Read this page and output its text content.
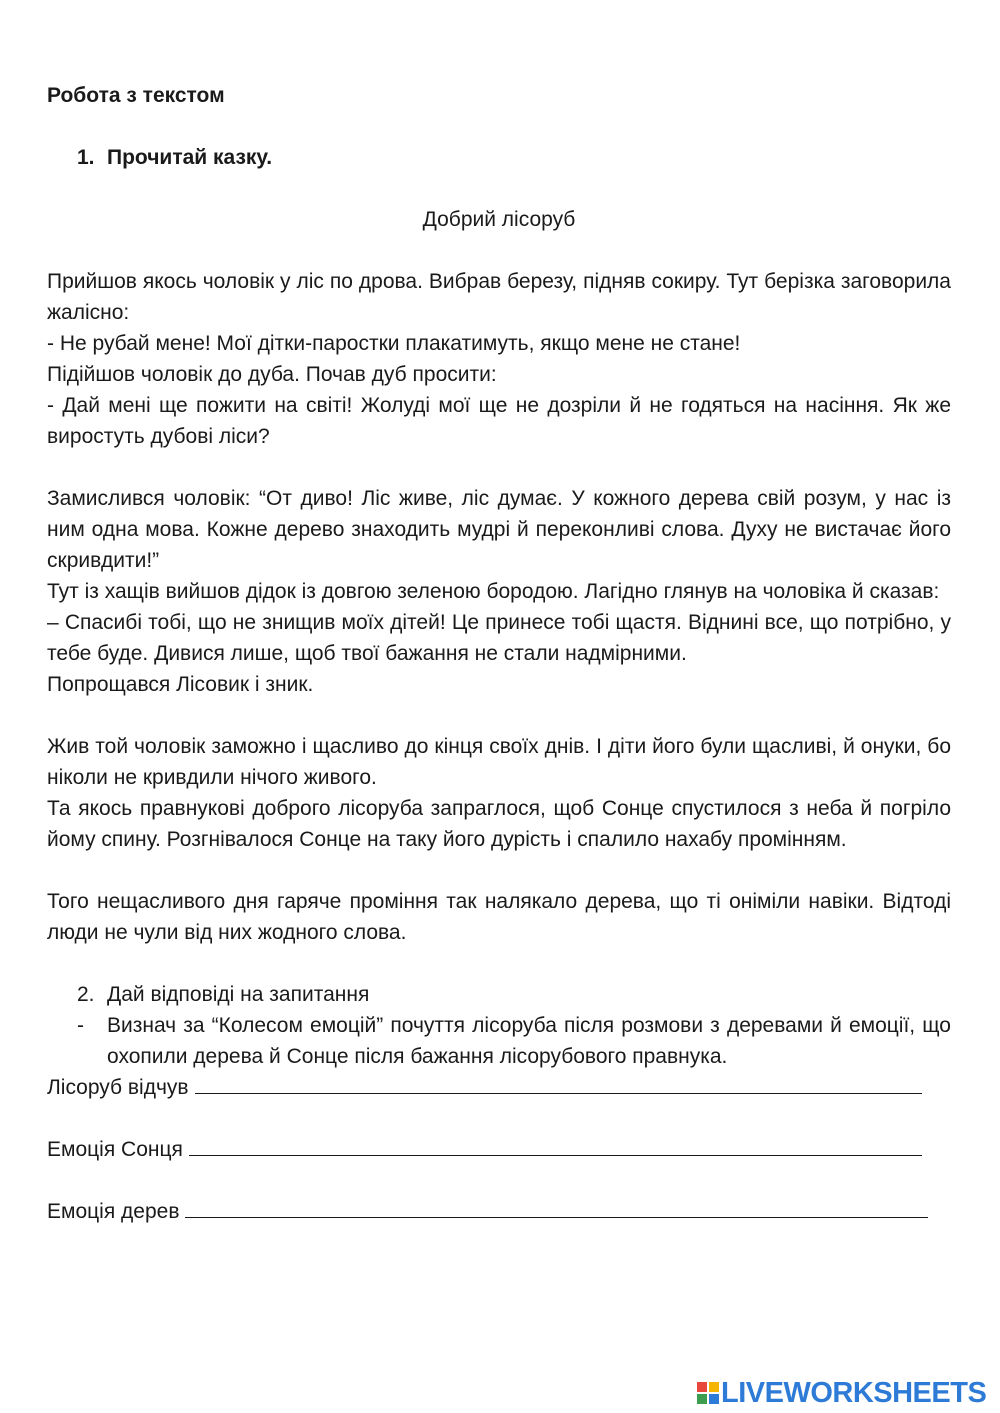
Робота з текстом

1. Прочитай казку.

Добрий лісоруб

Прийшов якось чоловік у ліс по дрова. Вибрав березу, підняв сокиру. Тут берізка заговорила жалісно:

- Не рубай мене! Мої дітки-паростки плакатимуть, якщо мене не стане!

Підійшов чоловік до дуба. Почав дуб просити:

- Дай мені ще пожити на світі! Жолуді мої ще не дозріли й не годяться на насіння. Як же виростуть дубові ліси?

Замислився чоловік: “От диво! Ліс живе, ліс думає. У кожного дерева свій розум, у нас із ним одна мова. Кожне дерево знаходить мудрі й переконливі слова. Духу не вистачає його скривдити!”

Тут із хащів вийшов дідок із довгою зеленою бородою. Лагідно глянув на чоловіка й сказав:

– Спасибі тобі, що не знищив моїх дітей! Це принесе тобі щастя. Віднині все, що потрібно, у тебе буде. Дивися лише, щоб твої бажання не стали надмірними.

Попрощався Лісовик і зник.

Жив той чоловік заможно і щасливо до кінця своїх днів. І діти його були щасливі, й онуки, бо ніколи не кривдили нічого живого.

Та якось правнукові доброго лісоруба запраглося, щоб Сонце спустилося з неба й погріло йому спину. Розгнівалося Сонце на таку його дурість і спалило нахабу промінням.

Того нещасливого дня гаряче проміння так налякало дерева, що ті оніміли навіки. Відтоді люди не чули від них жодного слова.

2. Дай відповіді на запитання
-	Визнач за “Колесом емоцій” почуття лісоруба після розмови з деревами й емоції, що охопили дерева й Сонце після бажання лісорубового правнука.
Лісоруб відчув
Емоція Сонця
Емоція дерев
LIVEWORKSHEETS
